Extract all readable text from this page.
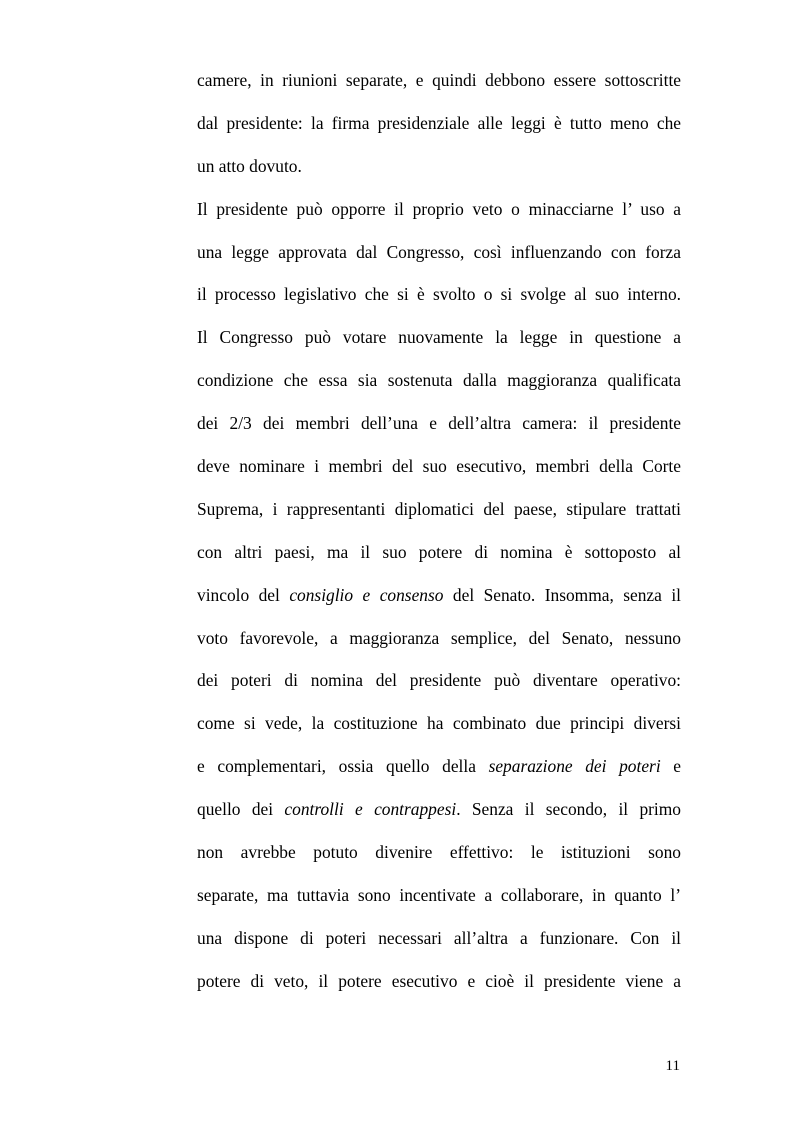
camere, in riunioni separate, e quindi debbono essere sottoscritte
dal presidente: la firma presidenziale alle leggi è tutto meno che
un atto dovuto.
Il presidente può opporre il proprio veto o minacciarne l’ uso a
una legge approvata dal Congresso, così influenzando con forza
il processo legislativo che si è svolto o si svolge al suo interno.
Il Congresso può votare nuovamente la legge in questione a
condizione che essa sia sostenuta dalla maggioranza qualificata
dei 2/3 dei membri dell’una e dell’altra camera: il presidente
deve nominare i membri del suo esecutivo, membri della Corte
Suprema, i rappresentanti diplomatici del paese, stipulare trattati
con altri paesi, ma il suo potere di nomina è sottoposto al
vincolo del consiglio e consenso del Senato. Insomma, senza il
voto favorevole, a maggioranza semplice, del Senato, nessuno
dei poteri di nomina del presidente può diventare operativo:
come si vede, la costituzione ha combinato due principi diversi
e complementari, ossia quello della separazione dei poteri e
quello dei controlli e contrappesi. Senza il secondo, il primo
non avrebbe potuto divenire effettivo: le istituzioni sono
separate, ma tuttavia sono incentivate a collaborare, in quanto l’
una dispone di poteri necessari all’altra a funzionare. Con il
potere di veto, il potere esecutivo e cioè il presidente viene a
11
